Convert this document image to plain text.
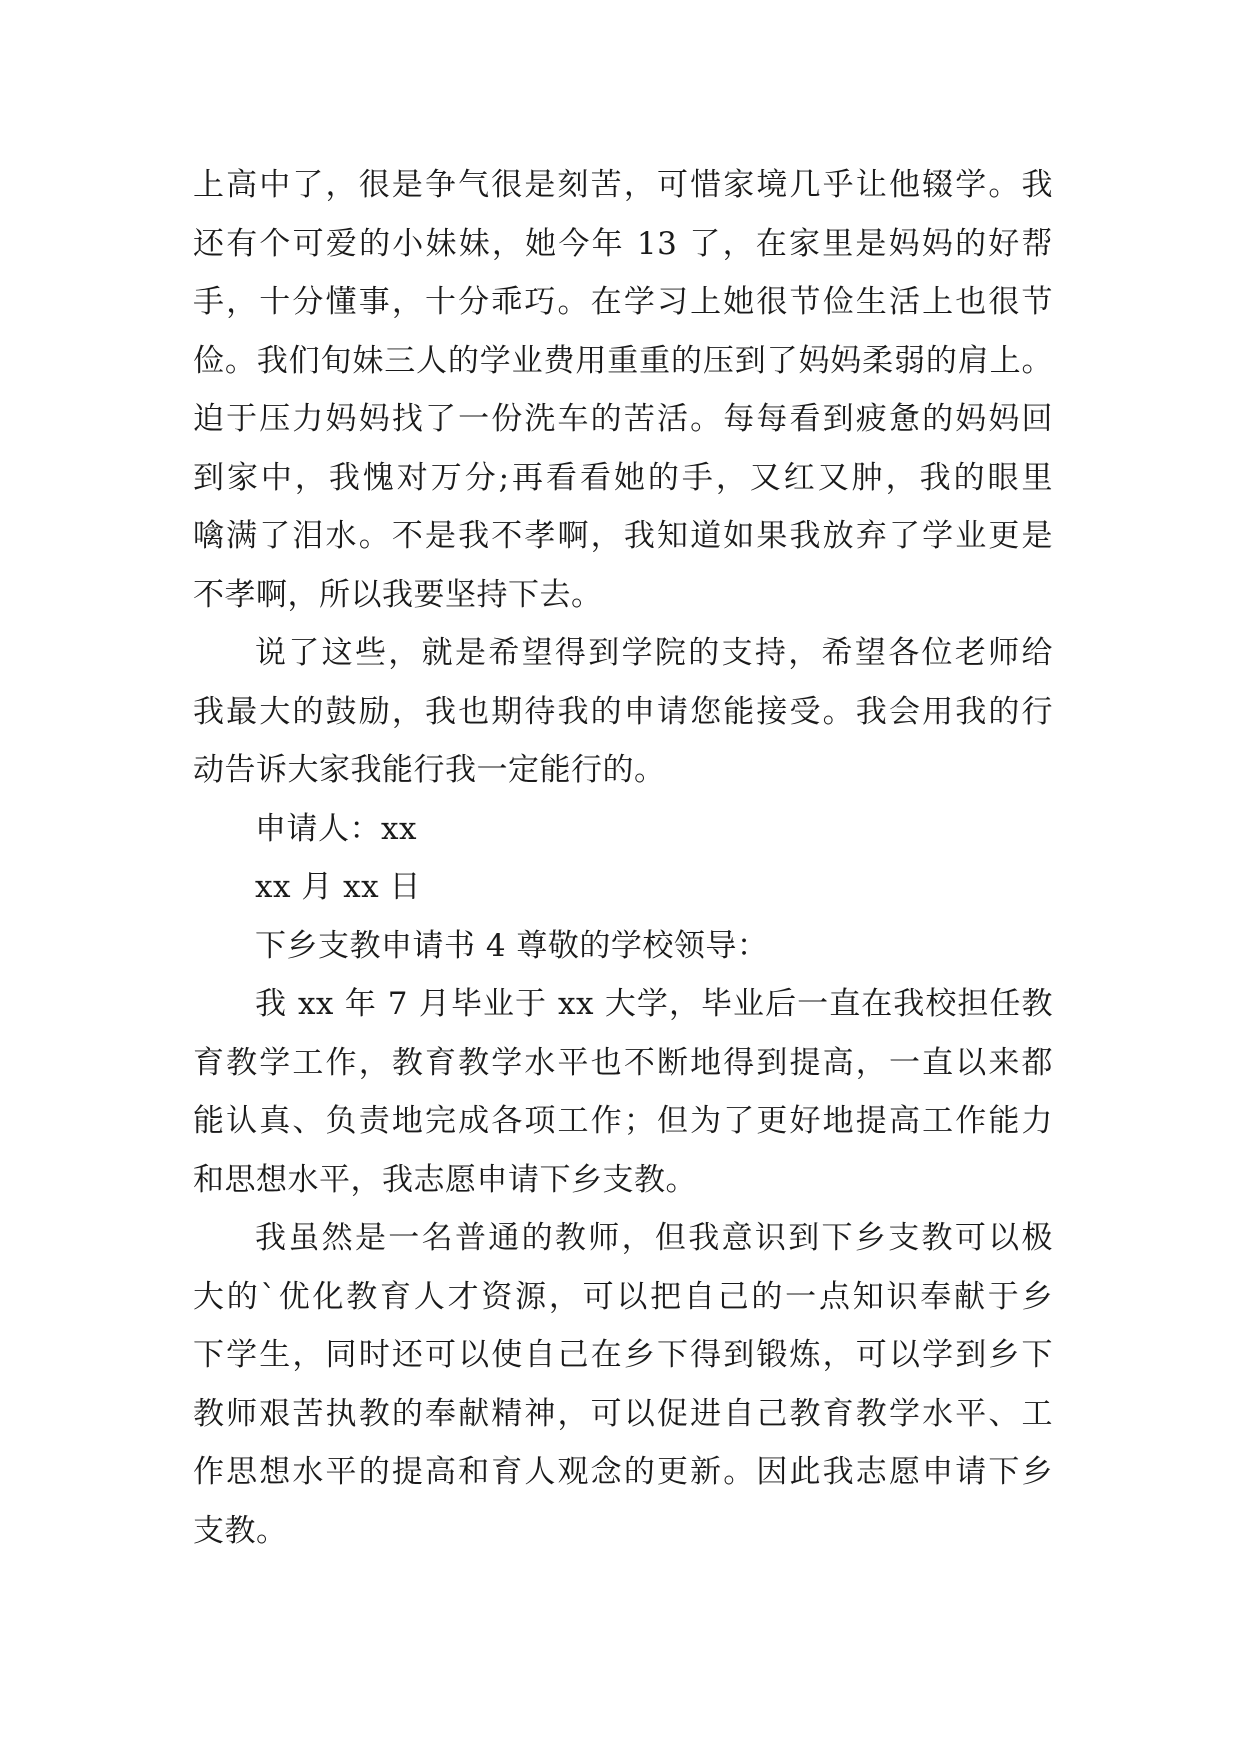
上高中了，很是争气很是刻苦，可惜家境几乎让他辍学。我
还有个可爱的小妹妹，她今年 13 了，在家里是妈妈的好帮
手，十分懂事，十分乖巧。在学习上她很节俭生活上也很节
俭。我们旬妹三人的学业费用重重的压到了妈妈柔弱的肩上。
迫于压力妈妈找了一份洗车的苦活。每每看到疲惫的妈妈回
到家中，我愧对万分;再看看她的手，又红又肿，我的眼里
噙满了泪水。不是我不孝啊，我知道如果我放弃了学业更是
不孝啊，所以我要坚持下去。
说了这些，就是希望得到学院的支持，希望各位老师给
我最大的鼓励，我也期待我的申请您能接受。我会用我的行
动告诉大家我能行我一定能行的。
申请人：xx
xx 月 xx 日
下乡支教申请书 4 尊敬的学校领导：
我 xx 年 7 月毕业于 xx 大学，毕业后一直在我校担任教
育教学工作，教育教学水平也不断地得到提高，一直以来都
能认真、负责地完成各项工作；但为了更好地提高工作能力
和思想水平，我志愿申请下乡支教。
我虽然是一名普通的教师，但我意识到下乡支教可以极
大的`优化教育人才资源，可以把自己的一点知识奉献于乡
下学生，同时还可以使自己在乡下得到锻炼，可以学到乡下
教师艰苦执教的奉献精神，可以促进自己教育教学水平、工
作思想水平的提高和育人观念的更新。因此我志愿申请下乡
支教。
